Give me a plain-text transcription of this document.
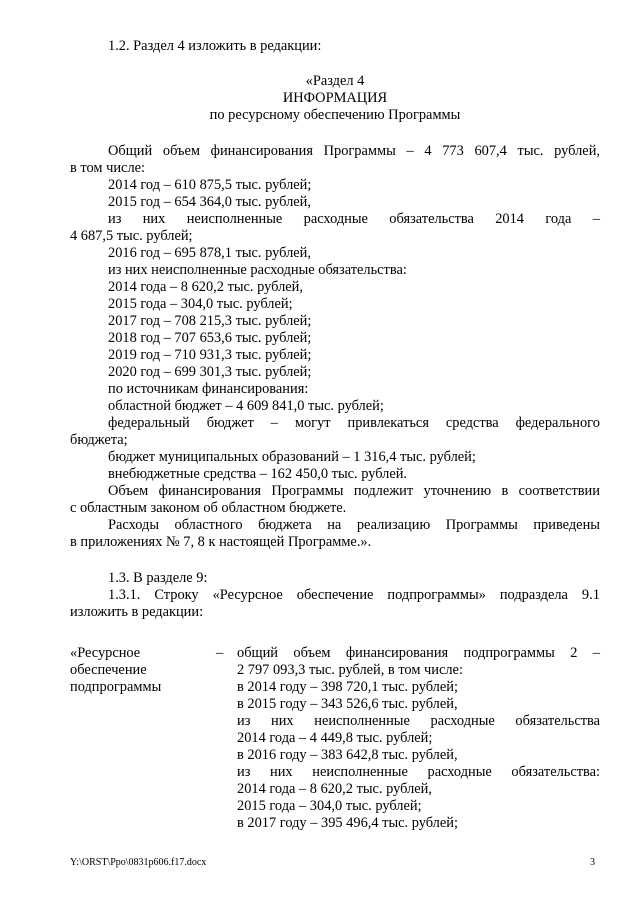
1.2. Раздел 4 изложить в редакции:
«Раздел 4
ИНФОРМАЦИЯ
по ресурсному обеспечению Программы
Общий объем финансирования Программы – 4 773 607,4 тыс. рублей,
в том числе:
2014 год – 610 875,5 тыс. рублей;
2015 год – 654 364,0 тыс. рублей,
из них неисполненные расходные обязательства 2014 года –
4 687,5 тыс. рублей;
2016 год – 695 878,1 тыс. рублей,
из них неисполненные расходные обязательства:
2014 года – 8 620,2 тыс. рублей,
2015 года – 304,0 тыс. рублей;
2017 год – 708 215,3 тыс. рублей;
2018 год – 707 653,6 тыс. рублей;
2019 год – 710 931,3 тыс. рублей;
2020 год – 699 301,3 тыс. рублей;
по источникам финансирования:
областной бюджет – 4 609 841,0 тыс. рублей;
федеральный бюджет – могут привлекаться средства федерального
бюджета;
бюджет муниципальных образований – 1 316,4 тыс. рублей;
внебюджетные средства – 162 450,0 тыс. рублей.
Объем финансирования Программы подлежит уточнению в соответствии
с областным законом об областном бюджете.
Расходы областного бюджета на реализацию Программы приведены
в приложениях № 7, 8 к настоящей Программе.».
1.3. В разделе 9:
1.3.1. Строку «Ресурсное обеспечение подпрограммы» подраздела 9.1
изложить в редакции:
«Ресурсное
обеспечение
подпрограммы
– общий объем финансирования подпрограммы 2 –
2 797 093,3 тыс. рублей, в том числе:
в 2014 году – 398 720,1 тыс. рублей;
в 2015 году – 343 526,6 тыс. рублей,
из них неисполненные расходные обязательства
2014 года – 4 449,8 тыс. рублей;
в 2016 году – 383 642,8 тыс. рублей,
из них неисполненные расходные обязательства:
2014 года – 8 620,2 тыс. рублей,
2015 года – 304,0 тыс. рублей;
в 2017 году – 395 496,4 тыс. рублей;
Y:\ORST\Ppo\0831p606.f17.docx	3
